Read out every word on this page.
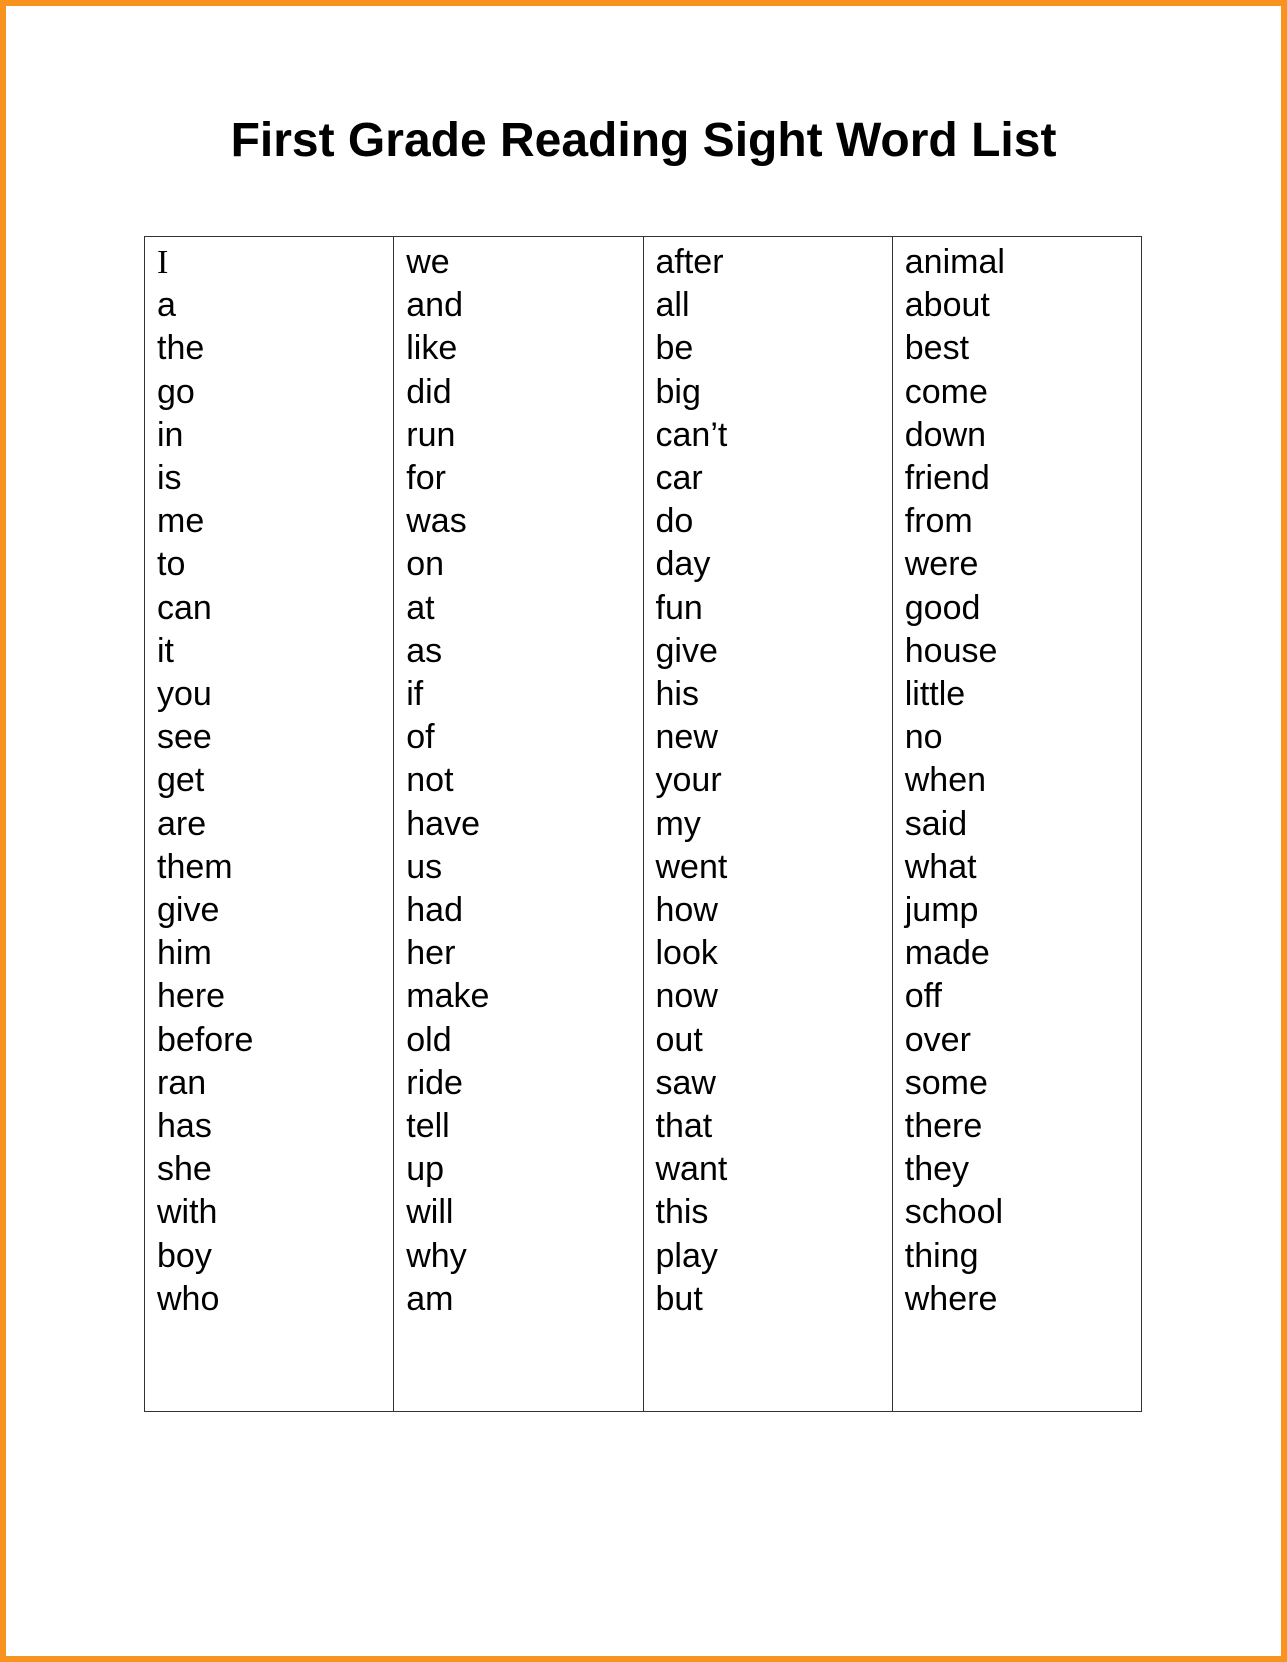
First Grade Reading Sight Word List
I
a
the
go
in
is
me
to
can
it
you
see
get
are
them
give
him
here
before
ran
has
she
with
boy
who

we
and
like
did
run
for
was
on
at
as
if
of
not
have
us
had
her
make
old
ride
tell
up
will
why
am

after
all
be
big
can’t
car
do
day
fun
give
his
new
your
my
went
how
look
now
out
saw
that
want
this
play
but

animal
about
best
come
down
friend
from
were
good
house
little
no
when
said
what
jump
made
off
over
some
there
they
school
thing
where
